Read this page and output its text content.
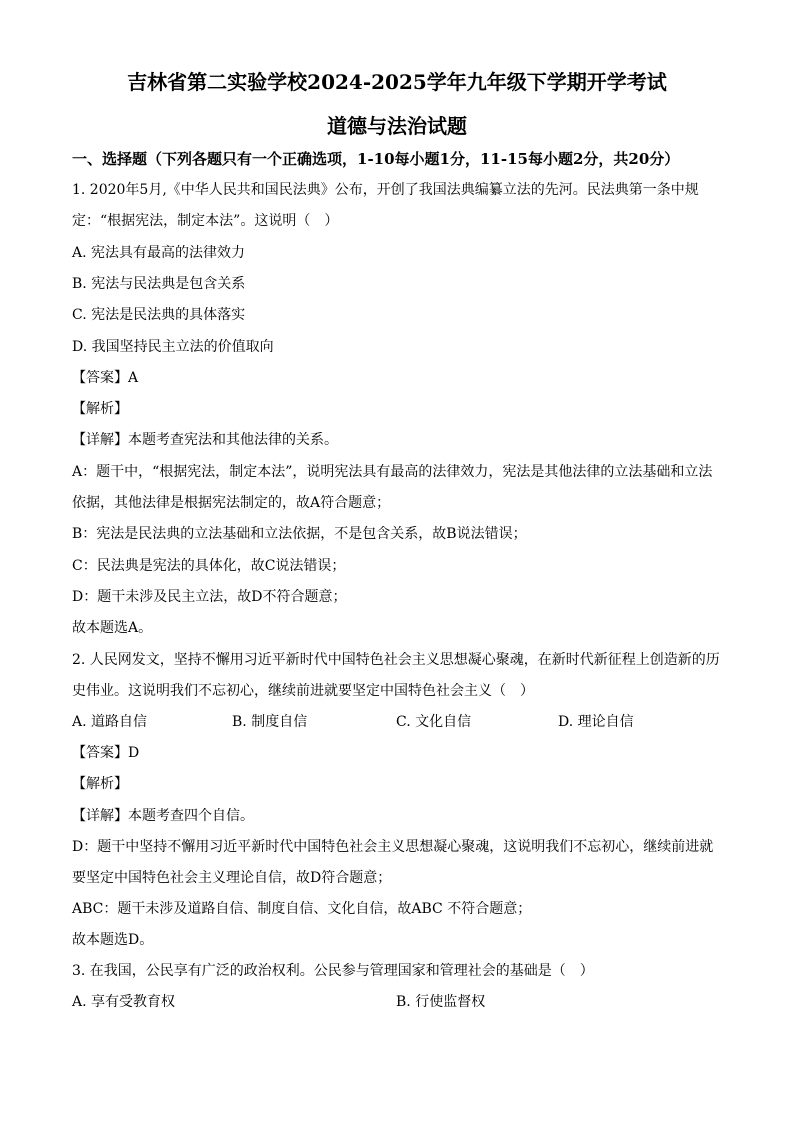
吉林省第二实验学校2024-2025学年九年级下学期开学考试
道德与法治试题
一、选择题（下列各题只有一个正确选项，1-10每小题1分，11-15每小题2分，共20分）
1. 2020年5月,《中华人民共和国民法典》公布，开创了我国法典编纂立法的先河。民法典第一条中规
定：“根据宪法，制定本法”。这说明（　）
A. 宪法具有最高的法律效力
B. 宪法与民法典是包含关系
C. 宪法是民法典的具体落实
D. 我国坚持民主立法的价值取向
【答案】A
【解析】
【详解】本题考查宪法和其他法律的关系。
A：题干中，“根据宪法，制定本法”，说明宪法具有最高的法律效力，宪法是其他法律的立法基础和立法
依据，其他法律是根据宪法制定的，故A符合题意；
B：宪法是民法典的立法基础和立法依据，不是包含关系，故B说法错误；
C：民法典是宪法的具体化，故C说法错误；
D：题干未涉及民主立法，故D不符合题意；
故本题选A。
2. 人民网发文，坚持不懈用习近平新时代中国特色社会主义思想凝心聚魂，在新时代新征程上创造新的历
史伟业。这说明我们不忘初心，继续前进就要坚定中国特色社会主义（　）
A. 道路自信	B. 制度自信	C. 文化自信	D. 理论自信
【答案】D
【解析】
【详解】本题考查四个自信。
D：题干中坚持不懈用习近平新时代中国特色社会主义思想凝心聚魂，这说明我们不忘初心，继续前进就
要坚定中国特色社会主义理论自信，故D符合题意；
ABC：题干未涉及道路自信、制度自信、文化自信，故ABC 不符合题意；
故本题选D。
3. 在我国，公民享有广泛的政治权利。公民参与管理国家和管理社会的基础是（　）
A. 享有受教育权	B. 行使监督权
